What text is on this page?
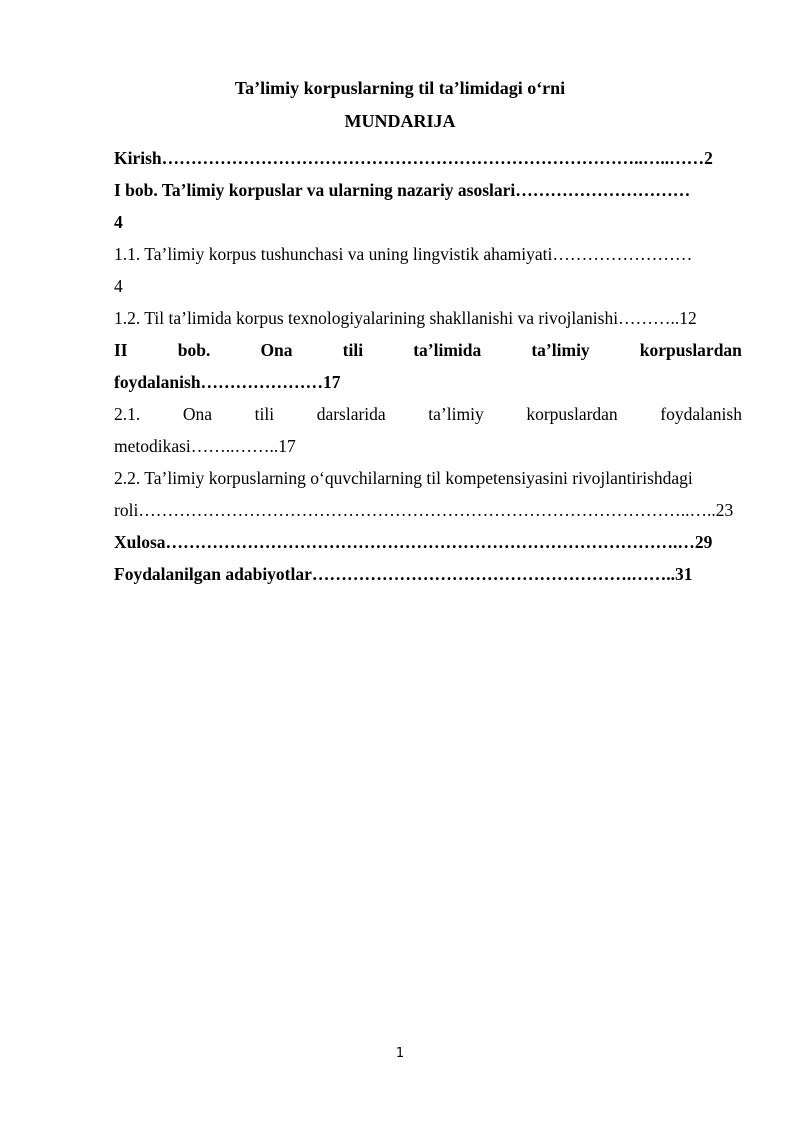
Ta’limiy korpuslarning til ta’limidagi o‘rni
MUNDARIJA
Kirish………………………………………………………………………..…..……2
I bob. Ta’limiy korpuslar va ularning nazariy asoslari…………………………
4
1.1. Ta’limiy korpus tushunchasi va uning lingvistik ahamiyati……………………
4
1.2. Til ta’limida korpus texnologiyalarining shakllanishi va rivojlanishi………..12
II	bob.	Ona	tili	ta’limida	ta’limiy	korpuslardan
foydalanish…………………17
2.1. Ona tili darslarida ta’limiy korpuslardan foydalanish
metodikasi……..……..17
2.2. Ta’limiy korpuslarning o‘quvchilarning til kompetensiyasini rivojlantirishdagi
roli…………………………………………………………………………………..…..23
Xulosa…………………………………………………………………………….…29
Foydalanilgan adabiyotlar……………………………………………….……..31
1
